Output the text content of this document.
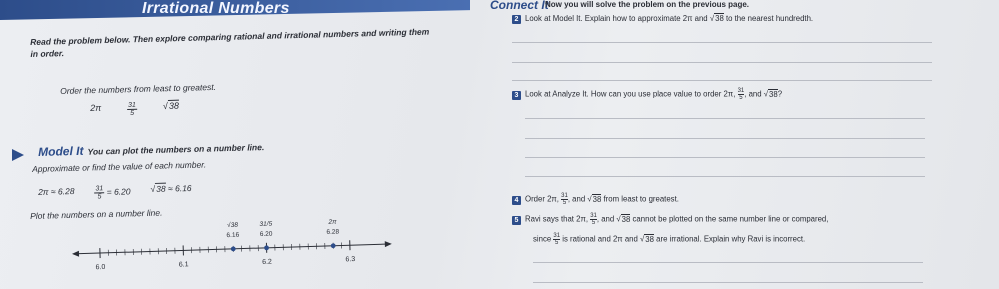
Irrational Numbers	Connect It
Now you will solve the problem on the previous page.
Read the problem below. Then explore comparing rational and irrational numbers and writing them in order.
Order the numbers from least to greatest.
2π	$\frac{31}{5}$	√38
Model It You can plot the numbers on a number line.
Approximate or find the value of each number.
2π ≈ 6.28	$\frac{31}{5} = 6.20$ √38 ≈ 6.16
Plot the numbers on a number line.
6.0	6.1	6.2	6.3
√38
6.16
31/5
6.20
2π
6.28
2 Look at Model It. Explain how to approximate 2π and √38 to the nearest hundredth.
3 Look at Analyze It. How can you use place value to order 2π, $\frac{31}{5}$ , and √38?
4 Order 2π, $\frac{31}{5}$ , and √38 from least to greatest.
5 Ravi says that 2π, $\frac{31}{5}$ , and √38 cannot be plotted on the same number line or compared,
since $\frac{31}{5}$ is rational and 2π and √38 are irrational. Explain why Ravi is incorrect.
